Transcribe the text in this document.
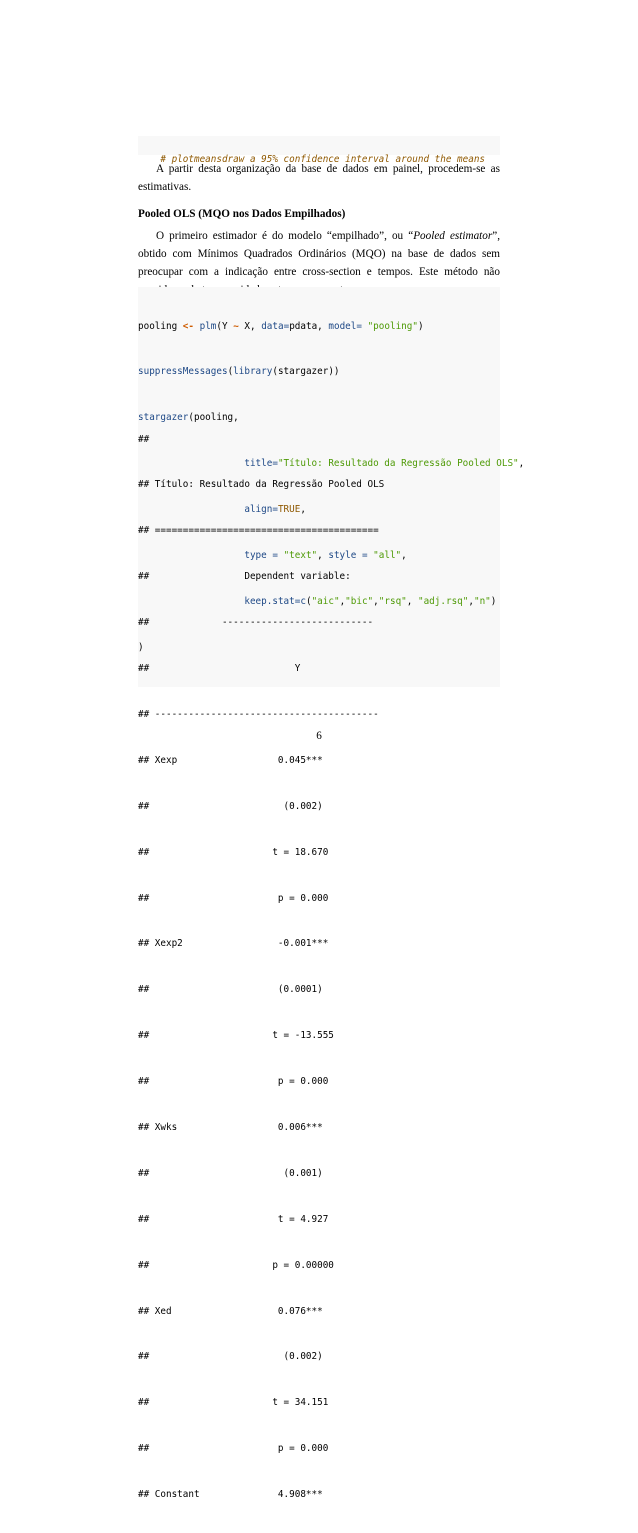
# plotmeansdraw a 95% confidence interval around the means

A partir desta organização da base de dados em painel, procedem-se as estimativas.
Pooled OLS (MQO nos Dados Empilhados)
O primeiro estimador é do modelo “empilhado”, ou “Pooled estimator”, obtido com Mínimos Quadrados Ordinários (MQO) na base de dados sem preocupar com a indicação entre cross-section e tempos. Este método não

pooling <- plm(Y ~ X, data=pdata, model= "pooling")

suppressMessages(library(stargazer))

stargazer(pooling,

title="Título: Resultado da Regressão Pooled OLS",

align=TRUE,

type = "text", style = "all",

keep.stat=c("aic","bic","rsq", "adj.rsq","n")

)

##

## Título: Resultado da Regressão Pooled OLS

## ========================================

##                 Dependent variable:

##             ---------------------------

##                          Y

## ----------------------------------------

## Xexp                  0.045***

##                        (0.002)

##                      t = 18.670

##                       p = 0.000

## Xexp2                 -0.001***

##                       (0.0001)

##                      t = -13.555

##                       p = 0.000

## Xwks                  0.006***

##                        (0.001)

##                       t = 4.927

##                      p = 0.00000

## Xed                   0.076***

##                        (0.002)

##                      t = 34.151

##                       p = 0.000

## Constant              4.908***

6
